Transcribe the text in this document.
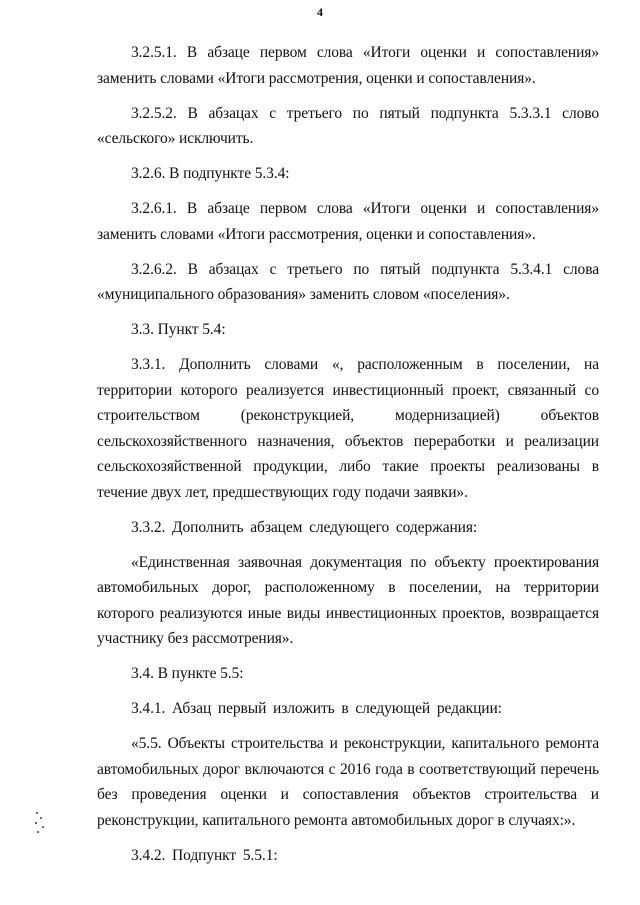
4

3.2.5.1. В абзаце первом слова «Итоги оценки и сопоставления» заменить словами «Итоги рассмотрения, оценки и сопоставления».

3.2.5.2. В абзацах с третьего по пятый подпункта 5.3.3.1 слово «сельского» исключить.

3.2.6. В подпункте 5.3.4:

3.2.6.1. В абзаце первом слова «Итоги оценки и сопоставления» заменить словами «Итоги рассмотрения, оценки и сопоставления».

3.2.6.2. В абзацах с третьего по пятый подпункта 5.3.4.1 слова «муниципального образования» заменить словом «поселения».

3.3. Пункт 5.4:

3.3.1. Дополнить словами «, расположенным в поселении, на территории которого реализуется инвестиционный проект, связанный со строительством (реконструкцией, модернизацией) объектов сельскохозяйственного назначения, объектов переработки и реализации сельскохозяйственной продукции, либо такие проекты реализованы в течение двух лет, предшествующих году подачи заявки».

3.3.2. Дополнить абзацем следующего содержания:

«Единственная заявочная документация по объекту проектирования автомобильных дорог, расположенному в поселении, на территории которого реализуются иные виды инвестиционных проектов, возвращается участнику без рассмотрения».

3.4. В пункте 5.5:

3.4.1. Абзац первый изложить в следующей редакции:

«5.5. Объекты строительства и реконструкции, капитального ремонта автомобильных дорог включаются с 2016 года в соответствующий перечень без проведения оценки и сопоставления объектов строительства и реконструкции, капитального ремонта автомобильных дорог в случаях:».

3.4.2. Подпункт 5.5.1:
